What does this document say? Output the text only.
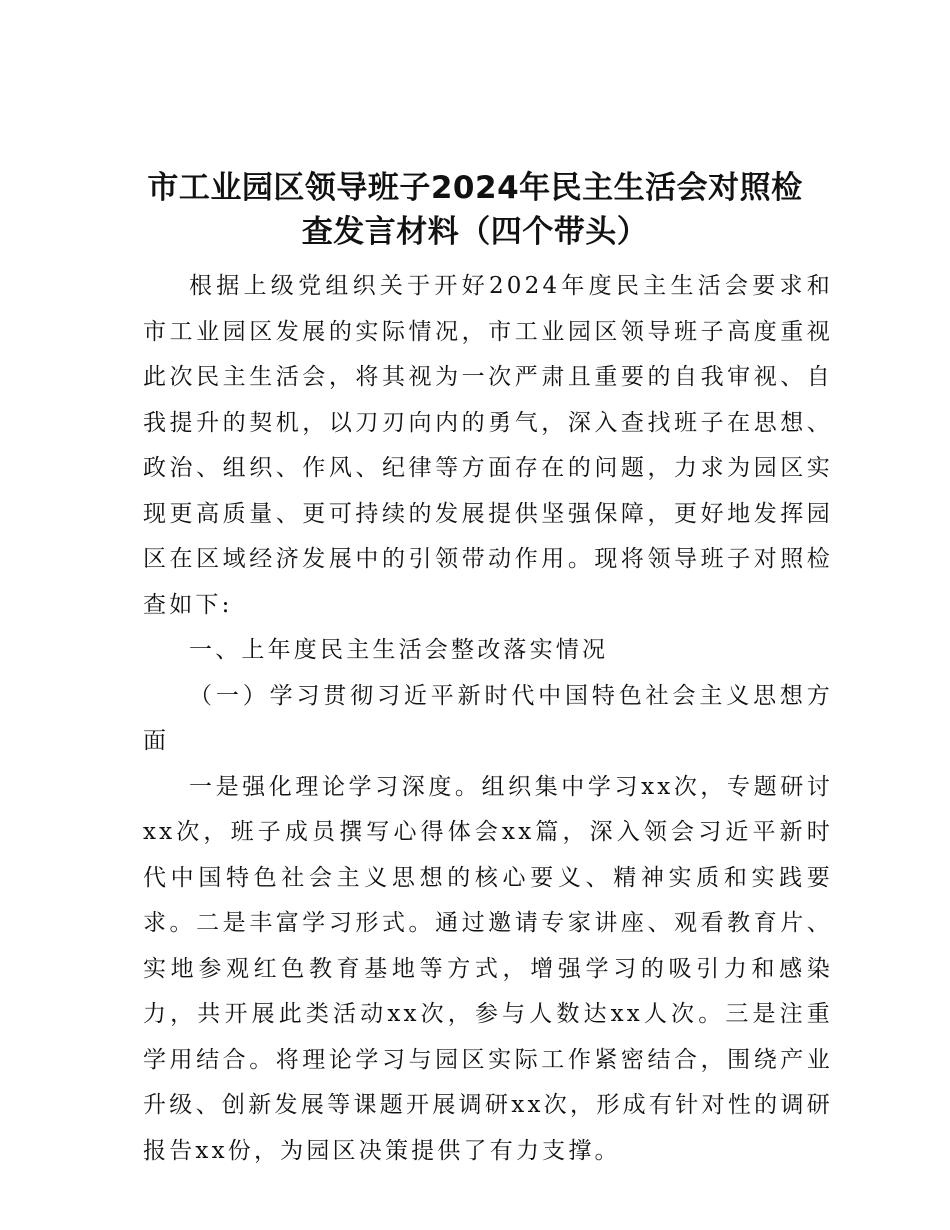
市工业园区领导班子2024年民主生活会对照检
查发言材料（四个带头）

根据上级党组织关于开好2024年度民主生活会要求和市工业园区发展的实际情况，市工业园区领导班子高度重视此次民主生活会，将其视为一次严肃且重要的自我审视、自我提升的契机，以刀刃向内的勇气，深入查找班子在思想、政治、组织、作风、纪律等方面存在的问题，力求为园区实现更高质量、更可持续的发展提供坚强保障，更好地发挥园区在区域经济发展中的引领带动作用。现将领导班子对照检查如下:

一、上年度民主生活会整改落实情况

（一）学习贯彻习近平新时代中国特色社会主义思想方面

一是强化理论学习深度。组织集中学习xx次，专题研讨xx次，班子成员撰写心得体会xx篇，深入领会习近平新时代中国特色社会主义思想的核心要义、精神实质和实践要求。二是丰富学习形式。通过邀请专家讲座、观看教育片、实地参观红色教育基地等方式，增强学习的吸引力和感染力，共开展此类活动xx次，参与人数达xx人次。三是注重学用结合。将理论学习与园区实际工作紧密结合，围绕产业升级、创新发展等课题开展调研xx次，形成有针对性的调研报告xx份，为园区决策提供了有力支撑。
